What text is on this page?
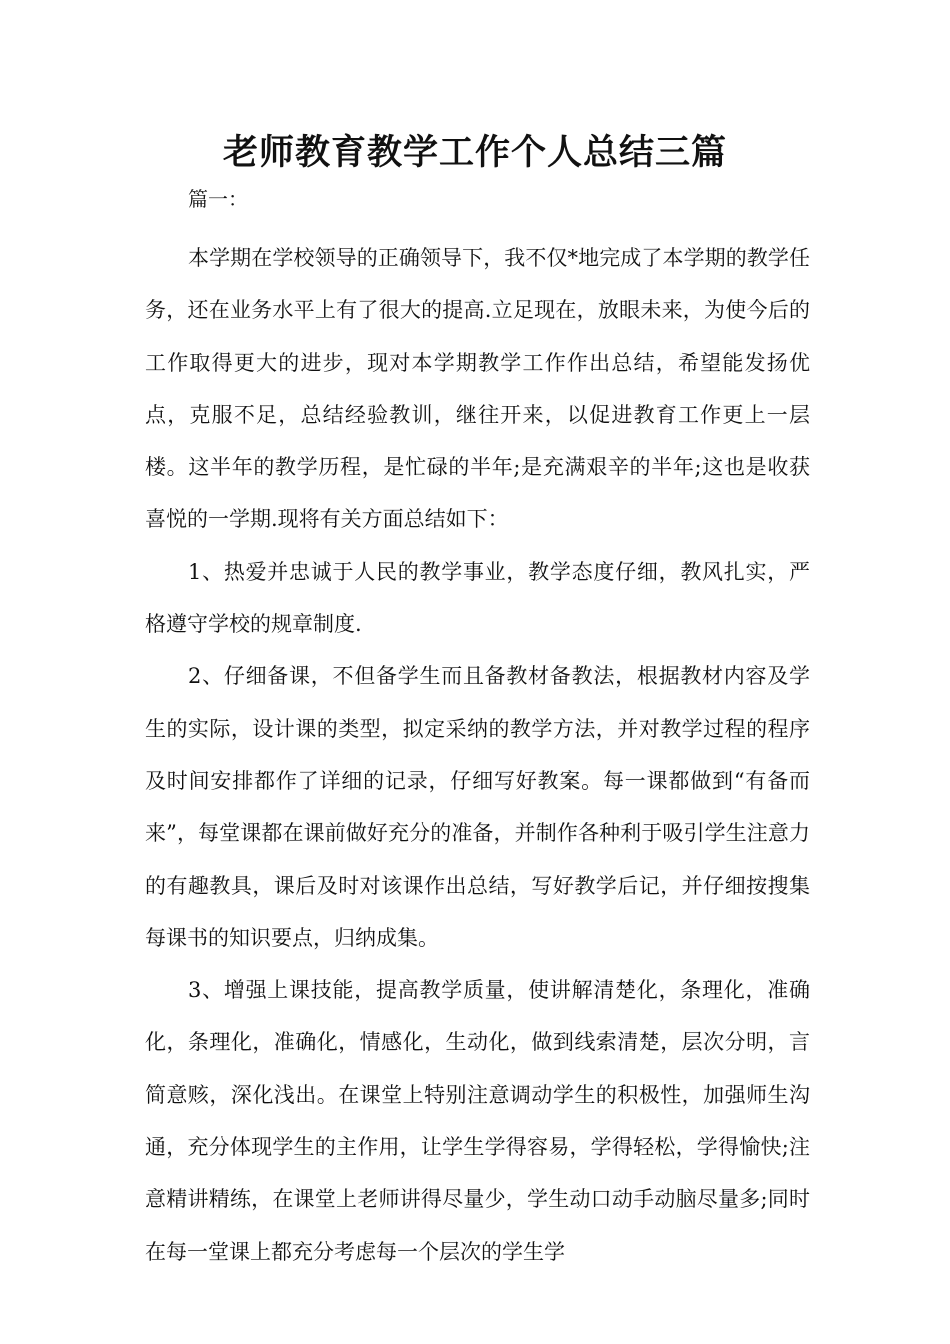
老师教育教学工作个人总结三篇
篇一：

本学期在学校领导的正确领导下，我不仅*地完成了本学期的教学任务，还在业务水平上有了很大的提高.立足现在，放眼未来，为使今后的工作取得更大的进步，现对本学期教学工作作出总结，希望能发扬优点，克服不足，总结经验教训，继往开来，以促进教育工作更上一层楼。这半年的教学历程，是忙碌的半年;是充满艰辛的半年;这也是收获喜悦的一学期.现将有关方面总结如下：

1、热爱并忠诚于人民的教学事业，教学态度仔细，教风扎实，严格遵守学校的规章制度.

2、仔细备课，不但备学生而且备教材备教法，根据教材内容及学生的实际，设计课的类型，拟定采纳的教学方法，并对教学过程的程序及时间安排都作了详细的记录，仔细写好教案。每一课都做到“有备而来”，每堂课都在课前做好充分的准备，并制作各种利于吸引学生注意力的有趣教具，课后及时对该课作出总结，写好教学后记，并仔细按搜集每课书的知识要点，归纳成集。

3、增强上课技能，提高教学质量，使讲解清楚化，条理化，准确化，条理化，准确化，情感化，生动化，做到线索清楚，层次分明，言简意赅，深化浅出。在课堂上特别注意调动学生的积极性，加强师生沟通，充分体现学生的主作用，让学生学得容易，学得轻松，学得愉快;注意精讲精练，在课堂上老师讲得尽量少，学生动口动手动脑尽量多;同时在每一堂课上都充分考虑每一个层次的学生学
